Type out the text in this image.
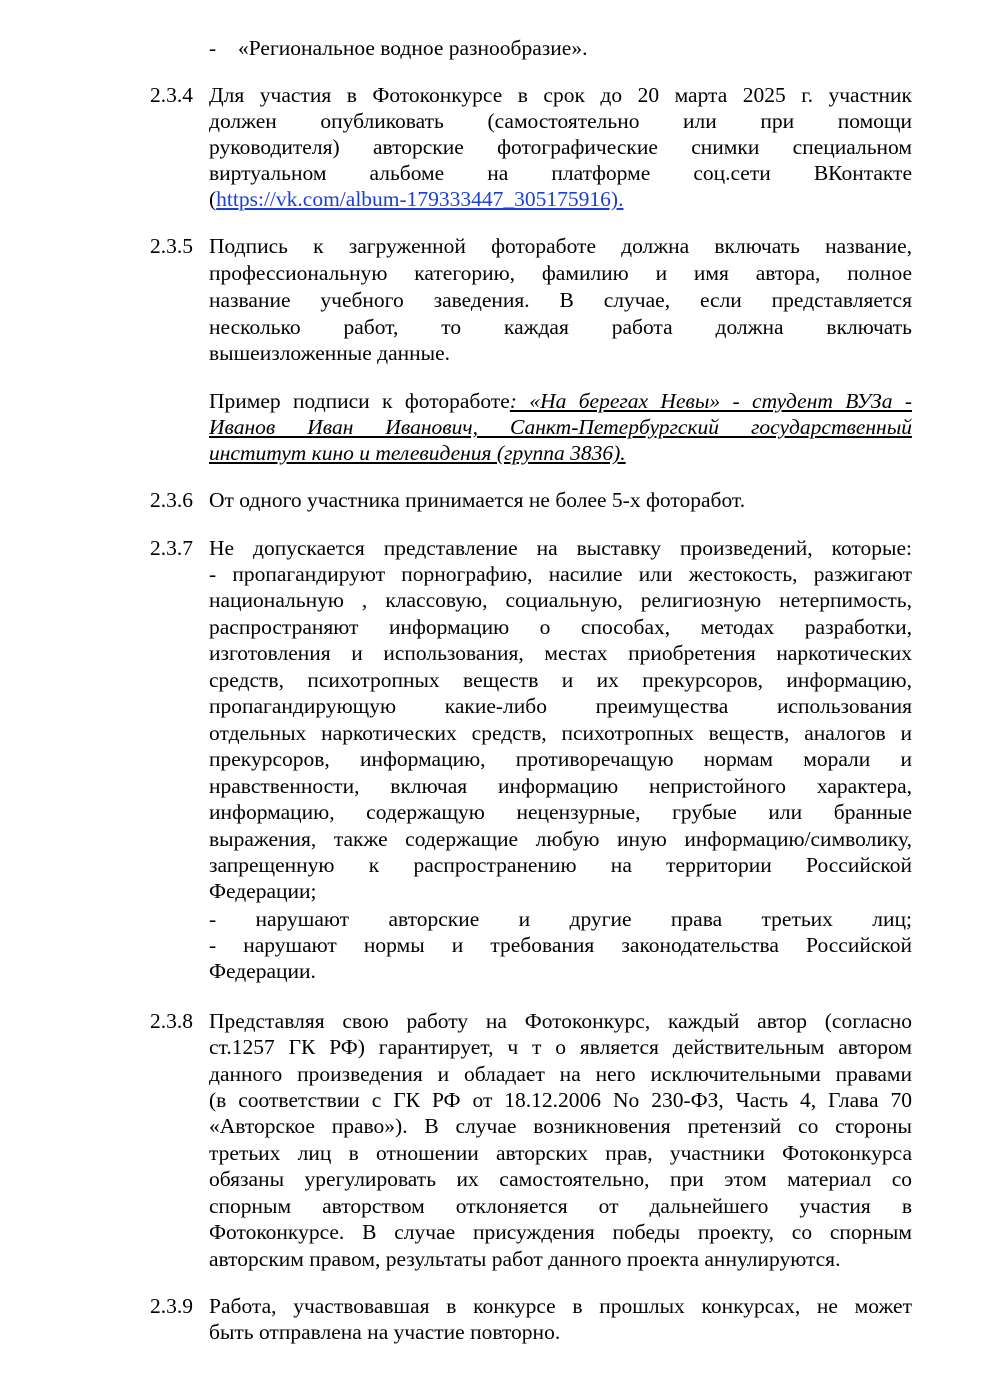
- «Региональное водное разнообразие».
2.3.4 Для участия в Фотоконкурсе в срок до 20 марта 2025 г. участник
должен опубликовать (самостоятельно или при помощи
руководителя) авторские фотографические снимки специальном
виртуальном альбоме на платформе соц.сети ВКонтакте
(https://vk.com/album-179333447_305175916).
2.3.5 Подпись к загруженной фотоработе должна включать название,
профессиональную категорию, фамилию и имя автора, полное
название учебного заведения. В случае, если представляется
несколько работ, то каждая работа должна включать
вышеизложенные данные.
Пример подписи к фотоработе: «На берегах Невы» - студент ВУЗа -
Иванов Иван Иванович, Санкт-Петербургский государственный
институт кино и телевидения (группа 3836).
2.3.6 От одного участника принимается не более 5-х фоторабот.
2.3.7 Не допускается представление на выставку произведений, которые:
- пропагандируют порнографию, насилие или жестокость, разжигают
национальную , классовую, социальную, религиозную нетерпимость,
распространяют информацию о способах, методах разработки,
изготовления и использования, местах приобретения наркотических
средств, психотропных веществ и их прекурсоров, информацию,
пропагандирующую какие-либо преимущества использования
отдельных наркотических средств, психотропных веществ, аналогов и
прекурсоров, информацию, противоречащую нормам морали и
нравственности, включая информацию непристойного характера,
информацию, содержащую нецензурные, грубые или бранные
выражения, также содержащие любую иную информацию/символику,
запрещенную к распространению на территории Российской
Федерации;
- нарушают авторские и другие права третьих лиц;
- нарушают нормы и требования законодательства Российской
Федерации.
2.3.8 Представляя свою работу на Фотоконкурс, каждый автор (согласно
ст.1257 ГК РФ) гарантирует, ч т о является действительным автором
данного произведения и обладает на него исключительными правами
(в соответствии с ГК РФ от 18.12.2006 No 230-ФЗ, Часть 4, Глава 70
«Авторское право»). В случае возникновения претензий со стороны
третьих лиц в отношении авторских прав, участники Фотоконкурса
обязаны урегулировать их самостоятельно, при этом материал со
спорным авторством отклоняется от дальнейшего участия в
Фотоконкурсе. В случае присуждения победы проекту, со спорным
авторским правом, результаты работ данного проекта аннулируются.
2.3.9 Работа, участвовавшая в конкурсе в прошлых конкурсах, не может
быть отправлена на участие повторно.
